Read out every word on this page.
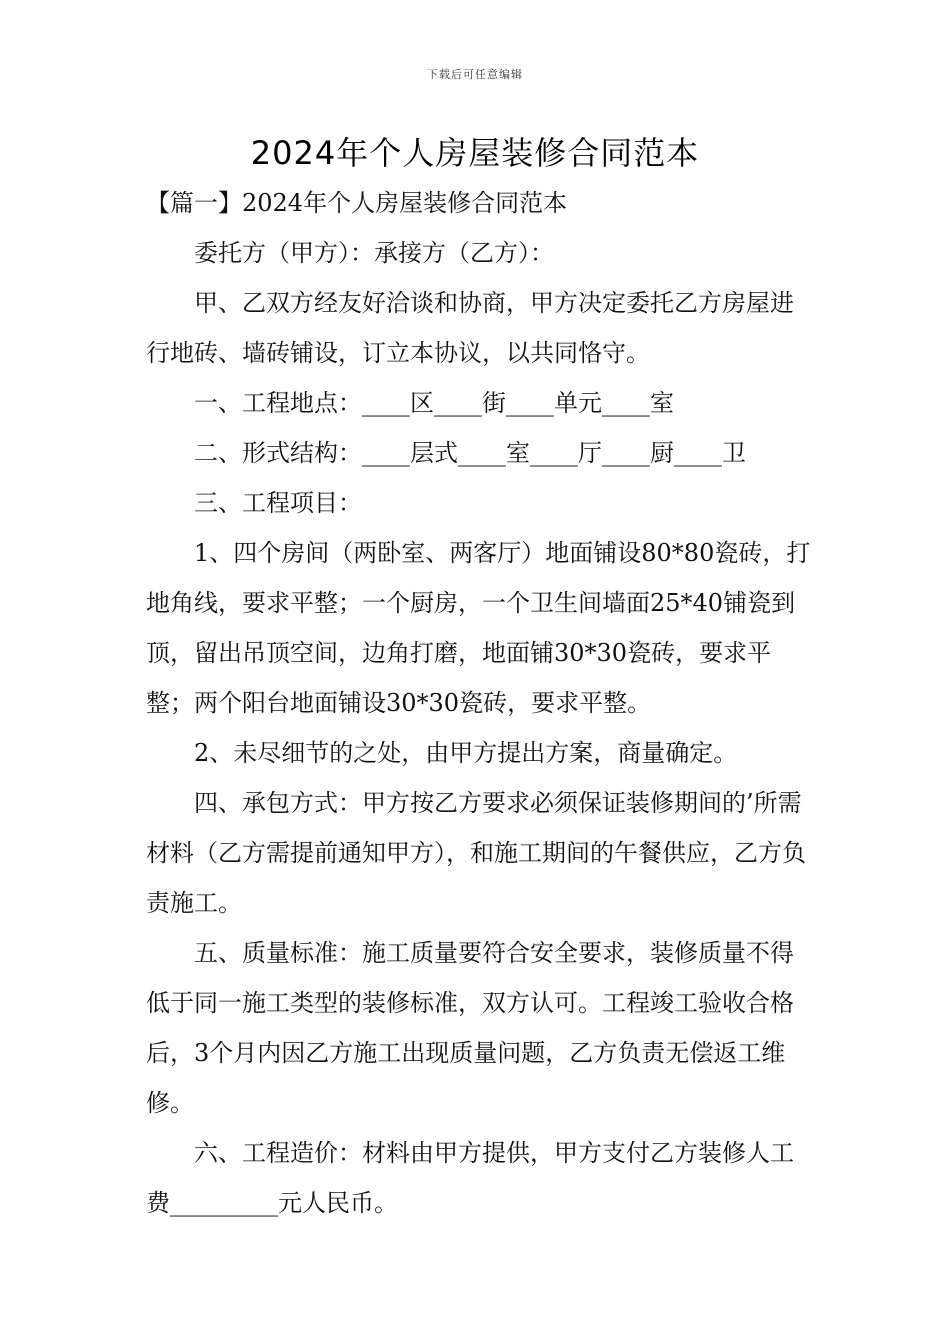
下载后可任意编辑
2024年个人房屋装修合同范本

【篇一】2024年个人房屋装修合同范本

委托方（甲方）：承接方（乙方）：

甲、乙双方经友好洽谈和协商，甲方决定委托乙方房屋进行地砖、墙砖铺设，订立本协议，以共同恪守。

一、工程地点：____区____街____单元____室

二、形式结构：____层式____室____厅____厨____卫

三、工程项目：

1、四个房间（两卧室、两客厅）地面铺设80*80瓷砖，打地角线，要求平整；一个厨房，一个卫生间墙面25*40铺瓷到顶，留出吊顶空间，边角打磨，地面铺30*30瓷砖，要求平整；两个阳台地面铺设30*30瓷砖，要求平整。

2、未尽细节的之处，由甲方提出方案，商量确定。

四、承包方式：甲方按乙方要求必须保证装修期间的’所需材料（乙方需提前通知甲方），和施工期间的午餐供应，乙方负责施工。

五、质量标准：施工质量要符合安全要求，装修质量不得低于同一施工类型的装修标准，双方认可。工程竣工验收合格后，3个月内因乙方施工出现质量问题，乙方负责无偿返工维修。

六、工程造价：材料由甲方提供，甲方支付乙方装修人工费_________元人民币。
